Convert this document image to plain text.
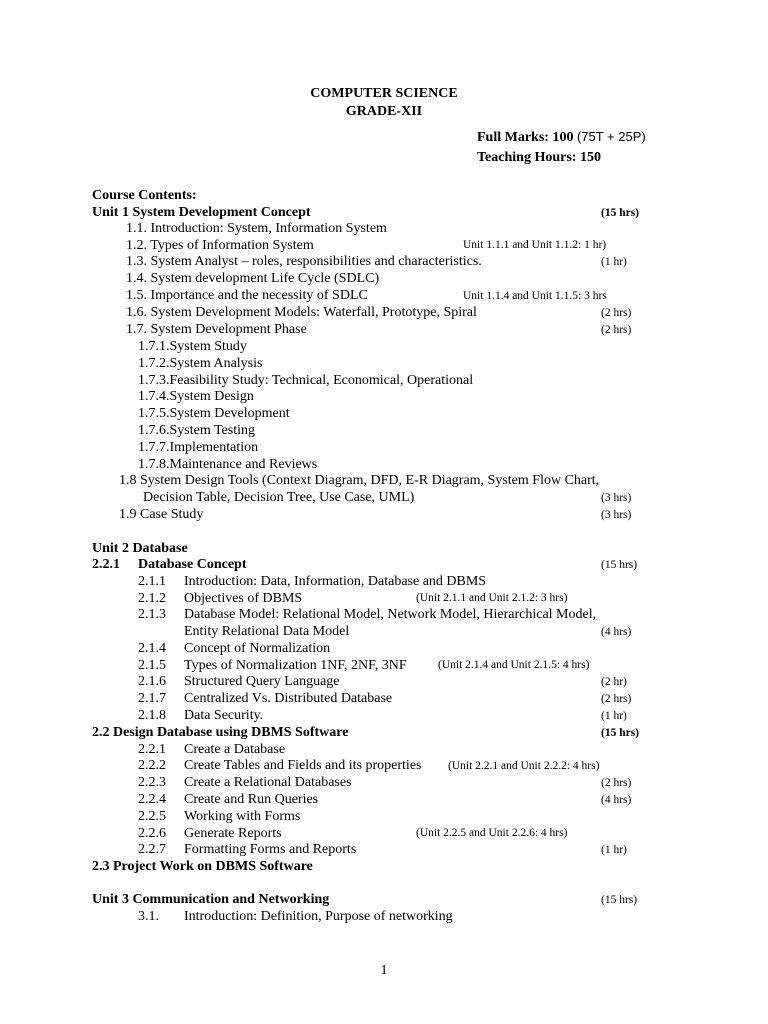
COMPUTER SCIENCE
GRADE-XII
Full Marks: 100 (75T + 25P)
Teaching Hours: 150
Course Contents:
Unit 1 System Development Concept	(15 hrs)
1.1. Introduction: System, Information System
1.2. Types of Information System	Unit 1.1.1 and Unit 1.1.2: 1 hr)
1.3. System Analyst – roles, responsibilities and characteristics.	(1 hr)
1.4. System development Life Cycle (SDLC)
1.5. Importance and the necessity of SDLC	Unit 1.1.4 and Unit 1.1.5: 3 hrs
1.6. System Development Models: Waterfall, Prototype, Spiral	(2 hrs)
1.7. System Development Phase	(2 hrs)
1.7.1.System Study
1.7.2.System Analysis
1.7.3.Feasibility Study: Technical, Economical, Operational
1.7.4.System Design
1.7.5.System Development
1.7.6.System Testing
1.7.7.Implementation
1.7.8.Maintenance and Reviews
1.8 System Design Tools (Context Diagram, DFD, E-R Diagram, System Flow Chart,
Decision Table, Decision Tree, Use Case, UML)	(3 hrs)
1.9 Case Study	(3 hrs)
Unit 2 Database
2.2.1 Database Concept	(15 hrs)
2.1.1 Introduction: Data, Information, Database and DBMS
2.1.2 Objectives of DBMS	(Unit 2.1.1 and Unit 2.1.2: 3 hrs)
2.1.3 Database Model: Relational Model, Network Model, Hierarchical Model,
Entity Relational Data Model	(4 hrs)
2.1.4 Concept of Normalization
2.1.5 Types of Normalization 1NF, 2NF, 3NF	(Unit 2.1.4 and Unit 2.1.5: 4 hrs)
2.1.6 Structured Query Language	(2 hr)
2.1.7 Centralized Vs. Distributed Database	(2 hrs)
2.1.8 Data Security.	(1 hr)
2.2 Design Database using DBMS Software	(15 hrs)
2.2.1 Create a Database
2.2.2 Create Tables and Fields and its properties (Unit 2.2.1 and Unit 2.2.2: 4 hrs)
2.2.3 Create a Relational Databases	(2 hrs)
2.2.4 Create and Run Queries	(4 hrs)
2.2.5 Working with Forms
2.2.6 Generate Reports	(Unit 2.2.5 and Unit 2.2.6: 4 hrs)
2.2.7 Formatting Forms and Reports	(1 hr)
2.3 Project Work on DBMS Software
Unit 3 Communication and Networking	(15 hrs)
3.1. Introduction: Definition, Purpose of networking
1
